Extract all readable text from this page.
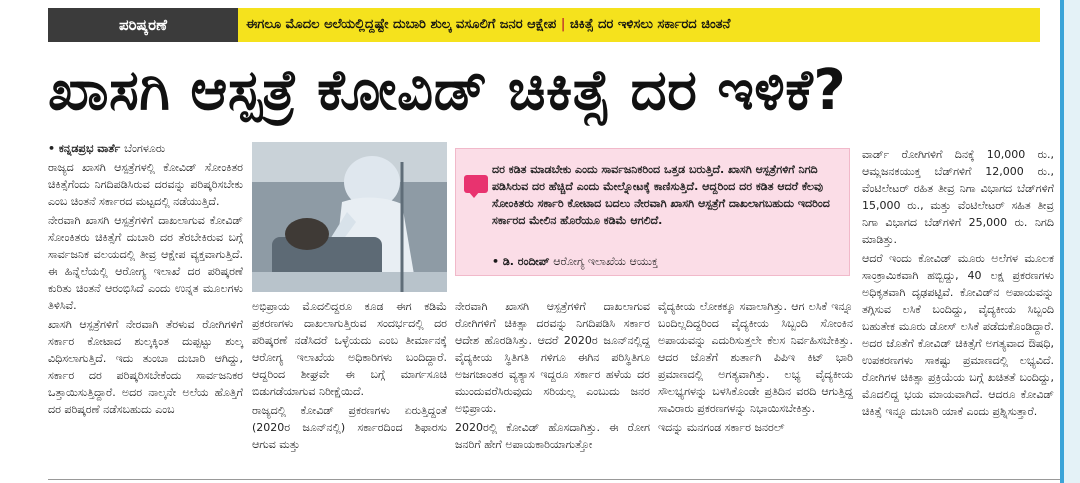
ಪರಿಷ್ಕರಣೆ	ಈಗಲೂ ಮೊದಲ ಅಲೆಯಲ್ಲಿದ್ದಷ್ಟೇ ದುಬಾರಿ ಶುಲ್ಕ ವಸೂಲಿಗೆ ಜನರ ಆಕ್ಷೇಪ | ಚಿಕಿತ್ಸೆ ದರ ಇಳಿಸಲು ಸರ್ಕಾರದ ಚಿಂತನೆ
ಖಾಸಗಿ ಆಸ್ಪತ್ರೆ ಕೋವಿಡ್ ಚಿಕಿತ್ಸೆ ದರ ಇಳಿಕೆ?

• ಕನ್ನಡಪ್ರಭ ವಾರ್ತೆ ಬೆಂಗಳೂರು

ರಾಜ್ಯದ ಖಾಸಗಿ ಆಸ್ಪತ್ರೆಗಳಲ್ಲಿ ಕೋವಿಡ್ ಸೋಂಕಿತರ ಚಿಕಿತ್ಸೆಗೆಂದು ನಿಗದಿಪಡಿಸಿರುವ ದರವನ್ನು ಪರಿಷ್ಕರಿಸಬೇಕು ಎಂಬ ಚಿಂತನೆ ಸರ್ಕಾರದ ಮಟ್ಟದಲ್ಲಿ ನಡೆಯುತ್ತಿದೆ.

ನೇರವಾಗಿ ಖಾಸಗಿ ಆಸ್ಪತ್ರೆಗಳಿಗೆ ದಾಖಲಾಗುವ ಕೋವಿಡ್ ಸೋಂಕಿತರು ಚಿಕಿತ್ಸೆಗೆ ದುಬಾರಿ ದರ ತೆರಬೇಕಿರುವ ಬಗ್ಗೆ ಸಾರ್ವಜನಿಕ ವಲಯದಲ್ಲಿ ತೀವ್ರ ಆಕ್ಷೇಪ ವ್ಯಕ್ತವಾಗುತ್ತಿದೆ. ಈ ಹಿನ್ನೆಲೆಯಲ್ಲಿ ಆರೋಗ್ಯ ಇಲಾಖೆ ದರ ಪರಿಷ್ಕರಣೆ ಕುರಿತು ಚಿಂತನೆ ಆರಂಭಿಸಿದೆ ಎಂದು ಉನ್ನತ ಮೂಲಗಳು ತಿಳಿಸಿವೆ.

ಖಾಸಗಿ ಆಸ್ಪತ್ರೆಗಳಿಗೆ ನೇರವಾಗಿ ತೆರಳುವ ರೋಗಿಗಳಿಗೆ ಸರ್ಕಾರ ಕೋಟಾದ ಶುಲ್ಕಕ್ಕಿಂತ ದುಪ್ಪಟ್ಟು ಶುಲ್ಕ ವಿಧಿಸಲಾಗುತ್ತಿದೆ. ಇದು ತುಂಬಾ ದುಬಾರಿ ಆಗಿದ್ದು, ಸರ್ಕಾರ ದರ ಪರಿಷ್ಕರಿಸಬೇಕೆಂದು ಸಾರ್ವಜನಿಕರ ಒತ್ತಾಯಿಸುತ್ತಿದ್ದಾರೆ. ಅದರ ನಾಲ್ಕನೇ ಅಲೆಯ ಹೊತ್ತಿಗೆ ದರ ಪರಿಷ್ಕರಣೆ ನಡೆಸಬಹುದು ಎಂಬ

ಅಭಿಪ್ರಾಯ ಮೊದಲಿದ್ದರೂ ಕೂಡ ಈಗ ಕಡಿಮೆ ಪ್ರಕರಣಗಳು ದಾಖಲಾಗುತ್ತಿರುವ ಸಂದರ್ಭದಲ್ಲಿ ದರ ಪರಿಷ್ಕರಣೆ ನಡೆಸಿದರೆ ಒಳ್ಳೆಯದು ಎಂಬ ತೀರ್ಮಾನಕ್ಕೆ ಆರೋಗ್ಯ ಇಲಾಖೆಯ ಅಧಿಕಾರಿಗಳು ಬಂದಿದ್ದಾರೆ. ಆದ್ದರಿಂದ ಶೀಘ್ರವೇ ಈ ಬಗ್ಗೆ ಮಾರ್ಗಸೂಚಿ ಬಿಡುಗಡೆಯಾಗುವ ನಿರೀಕ್ಷೆಯಿದೆ.

ರಾಜ್ಯದಲ್ಲಿ ಕೋವಿಡ್ ಪ್ರಕರಣಗಳು ಏರುತ್ತಿದ್ದಂತೆ (2020ರ ಜೂನ್‌ನಲ್ಲಿ) ಸರ್ಕಾರದಿಂದ ಶಿಫಾರಸು ಆಗುವ ಮತ್ತು

ದರ ಕಡಿತ ಮಾಡಬೇಕು ಎಂದು ಸಾರ್ವಜನಿಕರಿಂದ ಒತ್ತಡ ಬರುತ್ತಿದೆ. ಖಾಸಗಿ ಆಸ್ಪತ್ರೆಗಳಿಗೆ ನಿಗದಿ ಪಡಿಸಿರುವ ದರ ಹೆಚ್ಚಿದೆ ಎಂದು ಮೇಲ್ನೋಟಕ್ಕೆ ಕಾಣಿಸುತ್ತಿದೆ. ಆದ್ದರಿಂದ ದರ ಕಡಿತ ಆದರೆ ಕೆಲವು ಸೋಂಕಿತರು ಸರ್ಕಾರಿ ಕೋಟಾದ ಬದಲು ನೇರವಾಗಿ ಖಾಸಗಿ ಆಸ್ಪತ್ರೆಗೆ ದಾಖಲಾಗಬಹುದು ಇದರಿಂದ ಸರ್ಕಾರದ ಮೇಲಿನ ಹೊರೆಯೂ ಕಡಿಮೆ ಆಗಲಿದೆ.
• ಡಿ. ರಂದೀಪ್ ಆರೋಗ್ಯ ಇಲಾಖೆಯ ಆಯುಕ್ತ

ನೇರವಾಗಿ ಖಾಸಗಿ ಆಸ್ಪತ್ರೆಗಳಿಗೆ ದಾಖಲಾಗುವ ರೋಗಿಗಳಿಗೆ ಚಿಕಿತ್ಸಾ ದರವನ್ನು ನಿಗದಿಪಡಿಸಿ ಸರ್ಕಾರ ಆದೇಶ ಹೊರಡಿಸಿತ್ತು. ಆದರೆ 2020ರ ಜೂನ್‌ನಲ್ಲಿದ್ದ ವೈದ್ಯಕೀಯ ಸ್ಥಿತಿಗತಿ ಗಳಿಗೂ ಈಗಿನ ಪರಿಸ್ಥಿತಿಗೂ ಅಜಗಜಾಂತರ ವ್ಯತ್ಯಾಸ ಇದ್ದರೂ ಸರ್ಕಾರ ಹಳೆಯ ದರ ಮುಂದುವರೆಸಿರುವುದು ಸರಿಯಲ್ಲ ಎಂಬುದು ಜನರ ಅಭಿಪ್ರಾಯ.

2020ರಲ್ಲಿ ಕೋವಿಡ್ ಹೊಸದಾಗಿತ್ತು. ಈ ರೋಗ ಜನರಿಗೆ ಹೇಗೆ ಅಪಾಯಕಾರಿಯಾಗುತ್ತೋ

ವೈದ್ಯಕೀಯ ಲೋಕಕ್ಕೂ ಸವಾಲಾಗಿತ್ತು. ಆಗ ಲಸಿಕೆ ಇನ್ನೂ ಬಂದಿಲ್ಲದಿದ್ದರಿಂದ ವೈದ್ಯಕೀಯ ಸಿಬ್ಬಂದಿ ಸೋಂಕಿನ ಅಪಾಯವನ್ನು ಎದುರಿಸುತ್ತಲೇ ಕೆಲಸ ನಿರ್ವಹಿಸಬೇಕಿತ್ತು. ಆದರ ಜೊತೆಗೆ ಶುರ್ತಾಗಿ ಪಿಪಿಇ ಕಿಟ್ ಭಾರಿ ಪ್ರಮಾಣದಲ್ಲಿ ಅಗತ್ಯವಾಗಿತ್ತು. ಲಭ್ಯ ವೈದ್ಯಕೀಯ ಸೌಲಭ್ಯಗಳನ್ನು ಬಳಸಿಕೊಂಡೇ ಪ್ರತಿದಿನ ವರದಿ ಆಗುತ್ತಿದ್ದ ಸಾವಿರಾರು ಪ್ರಕರಣಗಳನ್ನು ನಿಭಾಯಿಸಬೇಕಿತ್ತು.

ಇದನ್ನು ಮನಗಂಡ ಸರ್ಕಾರ ಜನರಲ್

ವಾರ್ಡ್ ರೋಗಿಗಳಿಗೆ ದಿನಕ್ಕೆ 10,000 ರು., ಆಮ್ಲಜನಕಯುಕ್ತ ಬೆಡ್‌ಗಳಿಗೆ 12,000 ರು., ವೆಂಟಿಲೇಟರ್ ರಹಿತ ತೀವ್ರ ನಿಗಾ ವಿಭಾಗದ ಬೆಡ್‌ಗಳಿಗೆ 15,000 ರು., ಮತ್ತು ವೆಂಟಿಲೇಟರ್ ಸಹಿತ ತೀವ್ರ ನಿಗಾ ವಿಭಾಗದ ಬೆಡ್‌ಗಳಿಗೆ 25,000 ರು. ನಿಗದಿ ಮಾಡಿತ್ತು.

ಆದರೆ ಇಂದು ಕೋವಿಡ್ ಮೂರು ಅಲೆಗಳ ಮೂಲಕ ಸಾಂಕ್ರಾಮಿಕವಾಗಿ ಹಬ್ಬಿದ್ದು, 40 ಲಕ್ಷ ಪ್ರಕರಣಗಳು ಅಧಿಕೃತವಾಗಿ ದೃಢಪಟ್ಟಿವೆ. ಕೋವಿಡ್‌ನ ಅಪಾಯವನ್ನು ತಗ್ಗಿಸುವ ಲಸಿಕೆ ಬಂದಿದ್ದು, ವೈದ್ಯಕೀಯ ಸಿಬ್ಬಂದಿ ಬಹುತೇಕ ಮೂರು ಡೋಸ್ ಲಸಿಕೆ ಪಡೆದುಕೊಂಡಿದ್ದಾರೆ. ಅದರ ಜೊತೆಗೆ ಕೋವಿಡ್ ಚಿಕಿತ್ಸೆಗೆ ಅಗತ್ಯವಾದ ಔಷಧಿ, ಉಪಕರಣಗಳು ಸಾಕಷ್ಟು ಪ್ರಮಾಣದಲ್ಲಿ ಲಭ್ಯವಿದೆ. ರೋಗಿಗಳ ಚಿಕಿತ್ಸಾ ಪ್ರಕ್ರಿಯೆಯ ಬಗ್ಗೆ ಖಚಿತತೆ ಬಂದಿದ್ದು, ಮೊದಲಿದ್ದ ಭಯ ಮಾಯವಾಗಿದೆ. ಆದರೂ ಕೋವಿಡ್ ಚಿಕಿತ್ಸೆ ಇನ್ನೂ ದುಬಾರಿ ಯಾಕೆ ಎಂದು ಪ್ರಶ್ನಿಸುತ್ತಾರೆ.
